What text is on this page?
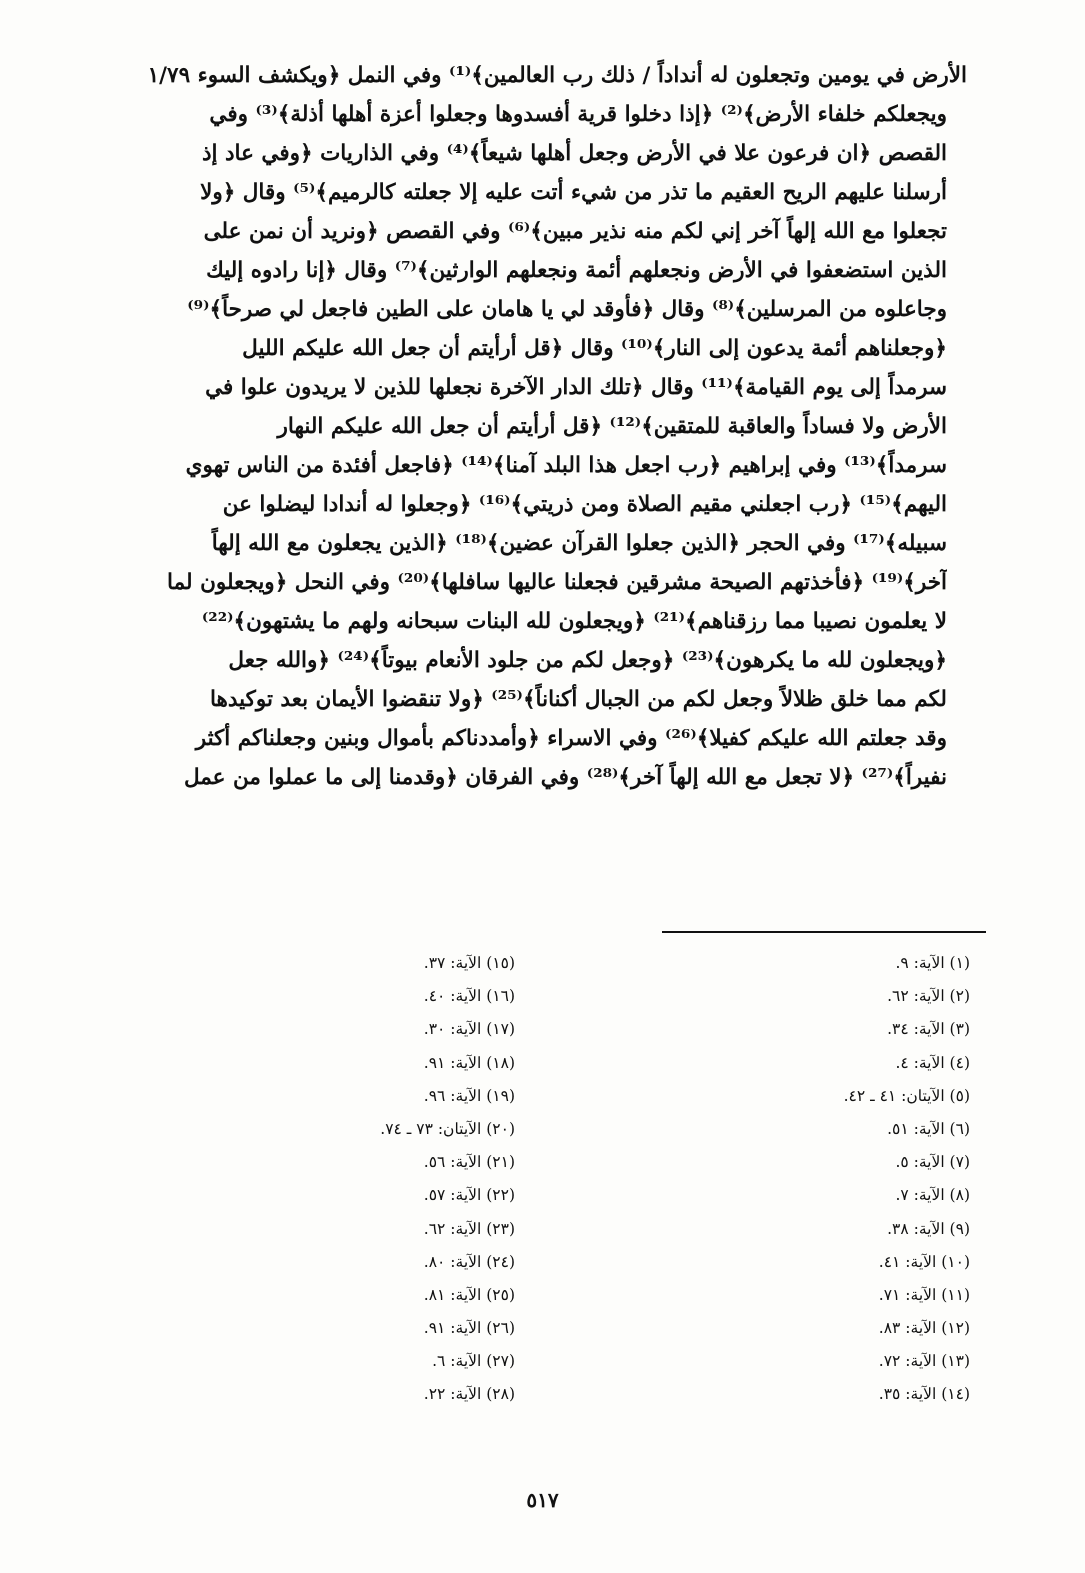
الأرض في يومين وتجعلون له أنداداً / ذلك رب العالمين﴾⁽¹⁾ وفي النمل ﴿ويكشف السوء ١/٧٩
ويجعلكم خلفاء الأرض﴾⁽²⁾ ﴿إذا دخلوا قرية أفسدوها وجعلوا أعزة أهلها أذلة﴾⁽³⁾ وفي
القصص ﴿ان فرعون علا في الأرض وجعل أهلها شيعاً﴾⁽⁴⁾ وفي الذاريات ﴿وفي عاد إذ
أرسلنا عليهم الريح العقيم ما تذر من شيء أتت عليه إلا جعلته كالرميم﴾⁽⁵⁾ وقال ﴿ولا
تجعلوا مع الله إلهاً آخر إني لكم منه نذير مبين﴾⁽⁶⁾ وفي القصص ﴿ونريد أن نمن على
الذين استضعفوا في الأرض ونجعلهم أئمة ونجعلهم الوارثين﴾⁽⁷⁾ وقال ﴿إنا رادوه إليك
وجاعلوه من المرسلين﴾⁽⁸⁾ وقال ﴿فأوقد لي يا هامان على الطين فاجعل لي صرحاً﴾⁽⁹⁾
﴿وجعلناهم أئمة يدعون إلى النار﴾⁽¹⁰⁾ وقال ﴿قل أرأيتم أن جعل الله عليكم الليل
سرمداً إلى يوم القيامة﴾⁽¹¹⁾ وقال ﴿تلك الدار الآخرة نجعلها للذين لا يريدون علوا في
الأرض ولا فساداً والعاقبة للمتقين﴾⁽¹²⁾ ﴿قل أرأيتم أن جعل الله عليكم النهار
سرمداً﴾⁽¹³⁾ وفي إبراهيم ﴿رب اجعل هذا البلد آمنا﴾⁽¹⁴⁾ ﴿فاجعل أفئدة من الناس تهوي
اليهم﴾⁽¹⁵⁾ ﴿رب اجعلني مقيم الصلاة ومن ذريتي﴾⁽¹⁶⁾ ﴿وجعلوا له أندادا ليضلوا عن
سبيله﴾⁽¹⁷⁾ وفي الحجر ﴿الذين جعلوا القرآن عضين﴾⁽¹⁸⁾ ﴿الذين يجعلون مع الله إلهاً
آخر﴾⁽¹⁹⁾ ﴿فأخذتهم الصيحة مشرقين فجعلنا عاليها سافلها﴾⁽²⁰⁾ وفي النحل ﴿ويجعلون لما
لا يعلمون نصيبا مما رزقناهم﴾⁽²¹⁾ ﴿ويجعلون لله البنات سبحانه ولهم ما يشتهون﴾⁽²²⁾
﴿ويجعلون لله ما يكرهون﴾⁽²³⁾ ﴿وجعل لكم من جلود الأنعام بيوتاً﴾⁽²⁴⁾ ﴿والله جعل
لكم مما خلق ظلالاً وجعل لكم من الجبال أكناناً﴾⁽²⁵⁾ ﴿ولا تنقضوا الأيمان بعد توكيدها
وقد جعلتم الله عليكم كفيلا﴾⁽²⁶⁾ وفي الاسراء ﴿وأمددناكم بأموال وبنين وجعلناكم أكثر
نفيراً﴾⁽²⁷⁾ ﴿لا تجعل مع الله إلهاً آخر﴾⁽²⁸⁾ وفي الفرقان ﴿وقدمنا إلى ما عملوا من عمل
(١) الآية: ٩.
(٢) الآية: ٦٢.
(٣) الآية: ٣٤.
(٤) الآية: ٤.
(٥) الآيتان: ٤١ ـ ٤٢.
(٦) الآية: ٥١.
(٧) الآية: ٥.
(٨) الآية: ٧.
(٩) الآية: ٣٨.
(١٠) الآية: ٤١.
(١١) الآية: ٧١.
(١٢) الآية: ٨٣.
(١٣) الآية: ٧٢.
(١٤) الآية: ٣٥.
(١٥) الآية: ٣٧.
(١٦) الآية: ٤٠.
(١٧) الآية: ٣٠.
(١٨) الآية: ٩١.
(١٩) الآية: ٩٦.
(٢٠) الآيتان: ٧٣ ـ ٧٤.
(٢١) الآية: ٥٦.
(٢٢) الآية: ٥٧.
(٢٣) الآية: ٦٢.
(٢٤) الآية: ٨٠.
(٢٥) الآية: ٨١.
(٢٦) الآية: ٩١.
(٢٧) الآية: ٦.
(٢٨) الآية: ٢٢.
٥١٧
